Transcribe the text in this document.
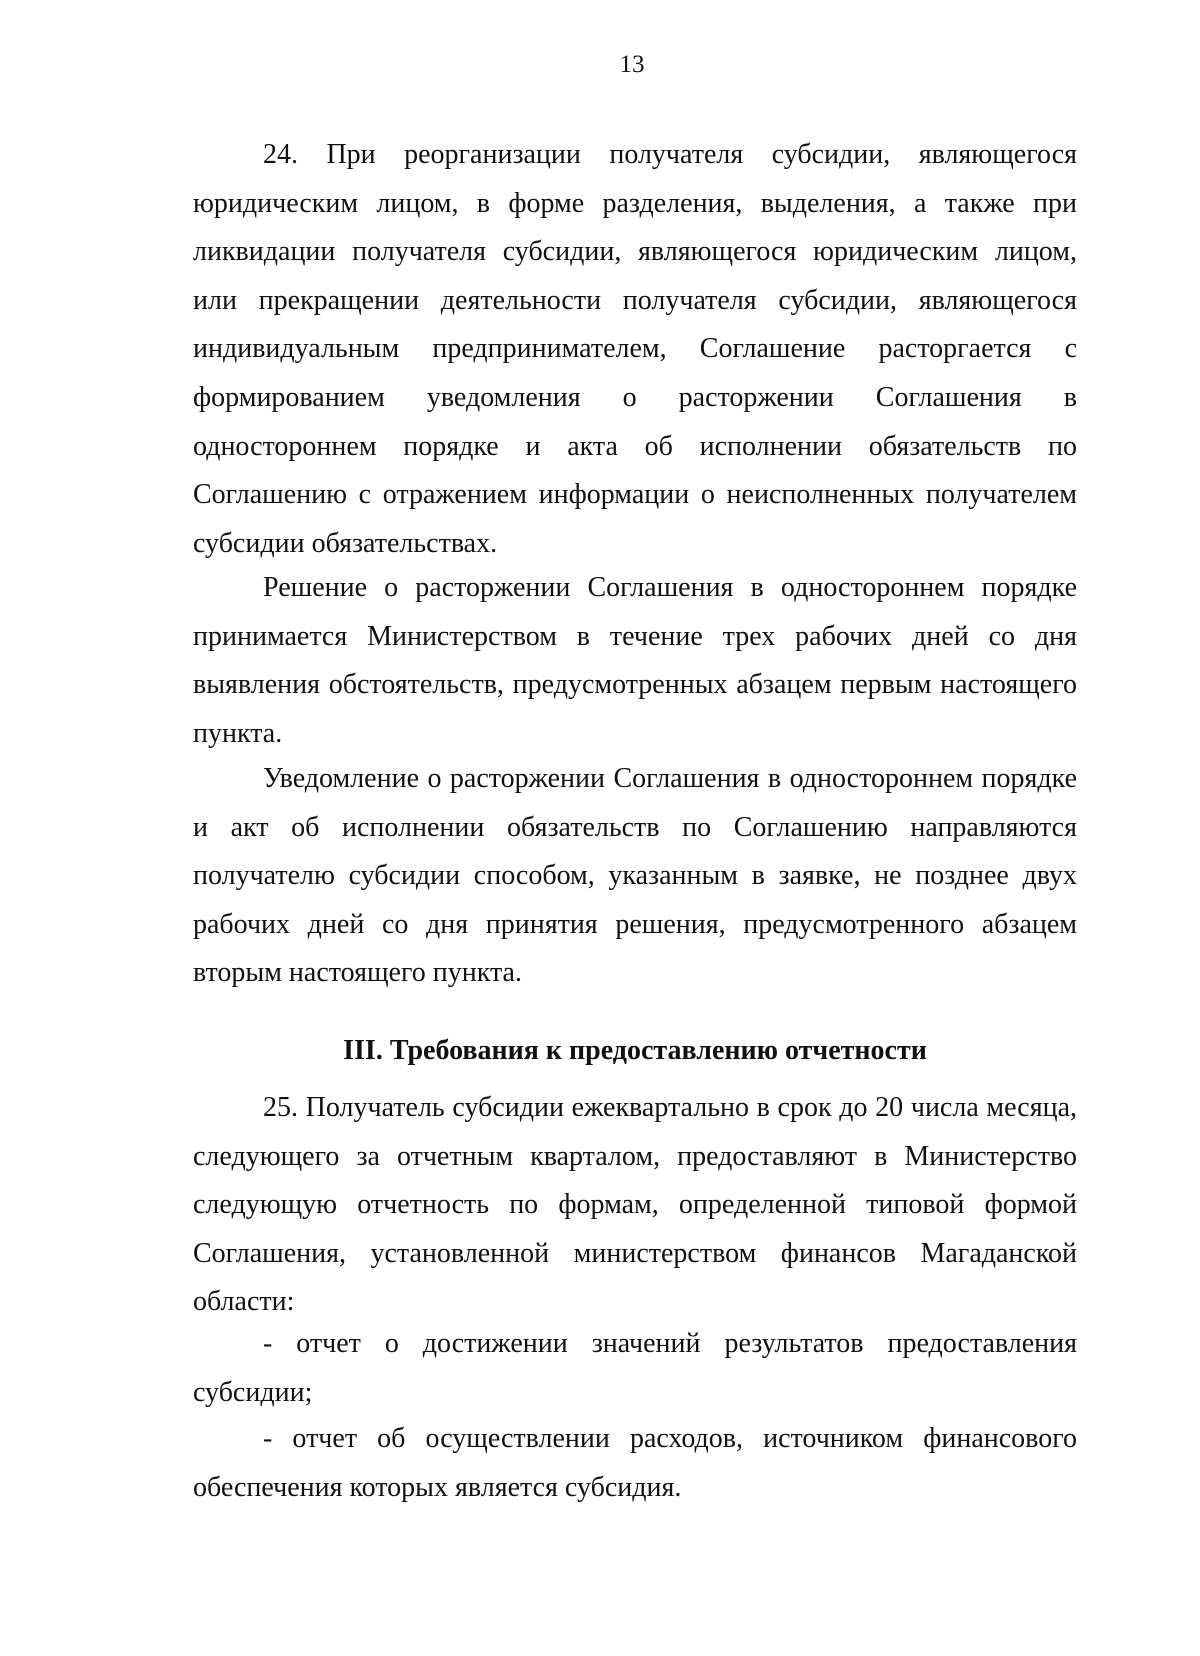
13

24. При реорганизации получателя субсидии, являющегося юридическим лицом, в форме разделения, выделения, а также при ликвидации получателя субсидии, являющегося юридическим лицом, или прекращении деятельности получателя субсидии, являющегося индивидуальным предпринимателем, Соглашение расторгается с формированием уведомления о расторжении Соглашения в одностороннем порядке и акта об исполнении обязательств по Соглашению с отражением информации о неисполненных получателем субсидии обязательствах.

Решение о расторжении Соглашения в одностороннем порядке принимается Министерством в течение трех рабочих дней со дня выявления обстоятельств, предусмотренных абзацем первым настоящего пункта.

Уведомление о расторжении Соглашения в одностороннем порядке и акт об исполнении обязательств по Соглашению направляются получателю субсидии способом, указанным в заявке, не позднее двух рабочих дней со дня принятия решения, предусмотренного абзацем вторым настоящего пункта.

III. Требования к предоставлению отчетности

25. Получатель субсидии ежеквартально в срок до 20 числа месяца, следующего за отчетным кварталом, предоставляют в Министерство следующую отчетность по формам, определенной типовой формой Соглашения, установленной министерством финансов Магаданской области:

- отчет о достижении значений результатов предоставления субсидии;

- отчет об осуществлении расходов, источником финансового обеспечения которых является субсидия.
